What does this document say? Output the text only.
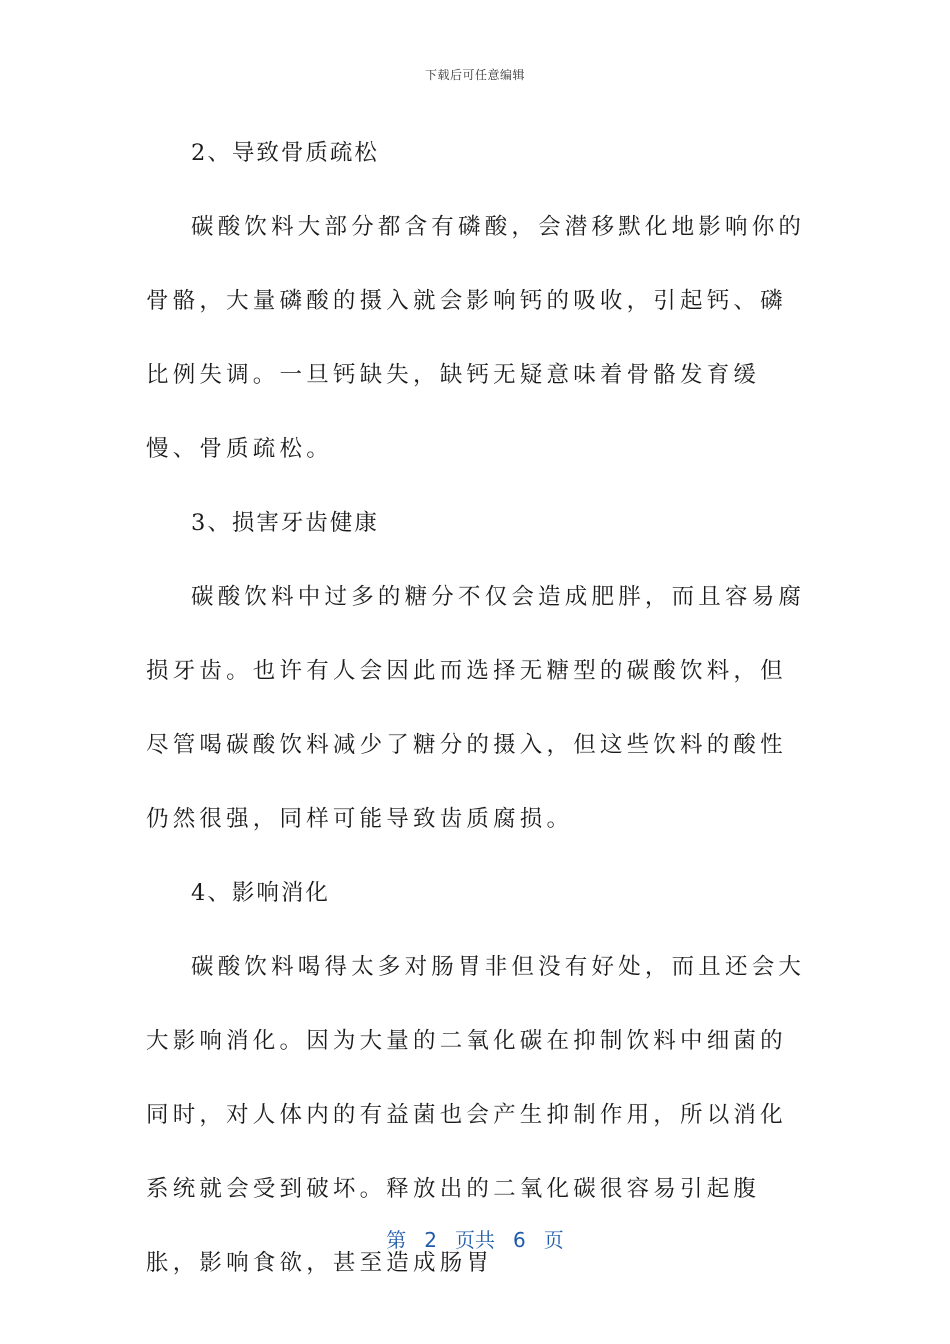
下载后可任意编辑

2、导致骨质疏松

碳酸饮料大部分都含有磷酸，会潜移默化地影响你的骨骼，大量磷酸的摄入就会影响钙的吸收，引起钙、磷比例失调。一旦钙缺失，缺钙无疑意味着骨骼发育缓慢、骨质疏松。

3、损害牙齿健康

碳酸饮料中过多的糖分不仅会造成肥胖，而且容易腐损牙齿。也许有人会因此而选择无糖型的碳酸饮料，但尽管喝碳酸饮料减少了糖分的摄入，但这些饮料的酸性仍然很强，同样可能导致齿质腐损。

4、影响消化

碳酸饮料喝得太多对肠胃非但没有好处，而且还会大大影响消化。因为大量的二氧化碳在抑制饮料中细菌的同时，对人体内的有益菌也会产生抑制作用，所以消化系统就会受到破坏。释放出的二氧化碳很容易引起腹胀，影响食欲，甚至造成肠胃

第 2 页共 6 页
